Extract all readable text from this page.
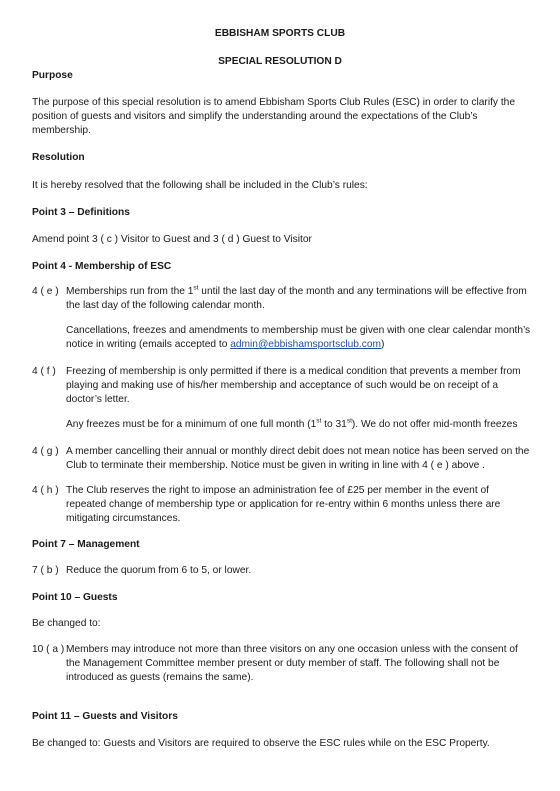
EBBISHAM SPORTS CLUB
SPECIAL RESOLUTION D
Purpose
The purpose of this special resolution is to amend Ebbisham Sports Club Rules (ESC) in order to clarify the position of guests and visitors and simplify the understanding around the expectations of the Club’s membership.
Resolution
It is hereby resolved that the following shall be included in the Club’s rules:
Point 3 – Definitions
Amend point 3 ( c ) Visitor to Guest and 3 ( d ) Guest to Visitor
Point 4 - Membership of ESC
4 ( e ) Memberships run from the 1st until the last day of the month and any terminations will be effective from the last day of the following calendar month.
Cancellations, freezes and amendments to membership must be given with one clear calendar month’s notice in writing (emails accepted to admin@ebbishamsportsclub.com)
4 ( f )	Freezing of membership is only permitted if there is a medical condition that prevents a member from playing and making use of his/her membership and acceptance of such would be on receipt of a doctor’s letter.
Any freezes must be for a minimum of one full month (1st to 31st). We do not offer mid-month freezes
4 ( g ) A member cancelling their annual or monthly direct debit does not mean notice has been served on the Club to terminate their membership. Notice must be given in writing in line with 4 ( e ) above .
4 ( h ) The Club reserves the right to impose an administration fee of £25 per member in the event of repeated change of membership type or application for re-entry within 6 months unless there are mitigating circumstances.
Point 7 – Management
7 ( b ) Reduce the quorum from 6 to 5, or lower.
Point 10 – Guests
Be changed to:
10 ( a ) Members may introduce not more than three visitors on any one occasion unless with the consent of the Management Committee member present or duty member of staff. The following shall not be introduced as guests (remains the same).
Point 11 – Guests and Visitors
Be changed to: Guests and Visitors are required to observe the ESC rules while on the ESC Property.
